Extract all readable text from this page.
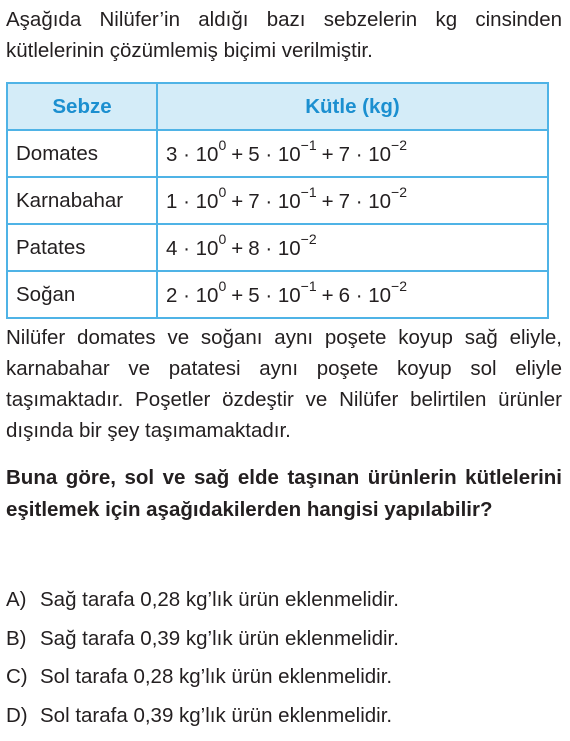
Aşağıda Nilüfer’in aldığı bazı sebzelerin kg cinsinden kütlelerinin çözümlemiş biçimi verilmiştir.

Sebze	Kütle (kg)
Domates	$3 \cdot 10^0 + 5 \cdot 10^{-1} + 7 \cdot 10^{-2}$
Karnabahar	$1 \cdot 10^0 + 7 \cdot 10^{-1} + 7 \cdot 10^{-2}$
Patates	$4 \cdot 10^0 + 8 \cdot 10^{-2}$
Soğan	$2 \cdot 10^0 + 5 \cdot 10^{-1} + 6 \cdot 10^{-2}$

Nilüfer domates ve soğanı aynı poşete koyup sağ eliyle, karnabahar ve patatesi aynı poşete koyup sol eliyle taşımaktadır. Poşetler özdeştir ve Nilüfer belirtilen ürünler dışında bir şey taşımamaktadır.

Buna göre, sol ve sağ elde taşınan ürünlerin kütlelerini eşitlemek için aşağıdakilerden hangisi yapılabilir?

A) Sağ tarafa 0,28 kg’lık ürün eklenmelidir.
B) Sağ tarafa 0,39 kg’lık ürün eklenmelidir.
C) Sol tarafa 0,28 kg’lık ürün eklenmelidir.
D) Sol tarafa 0,39 kg’lık ürün eklenmelidir.
